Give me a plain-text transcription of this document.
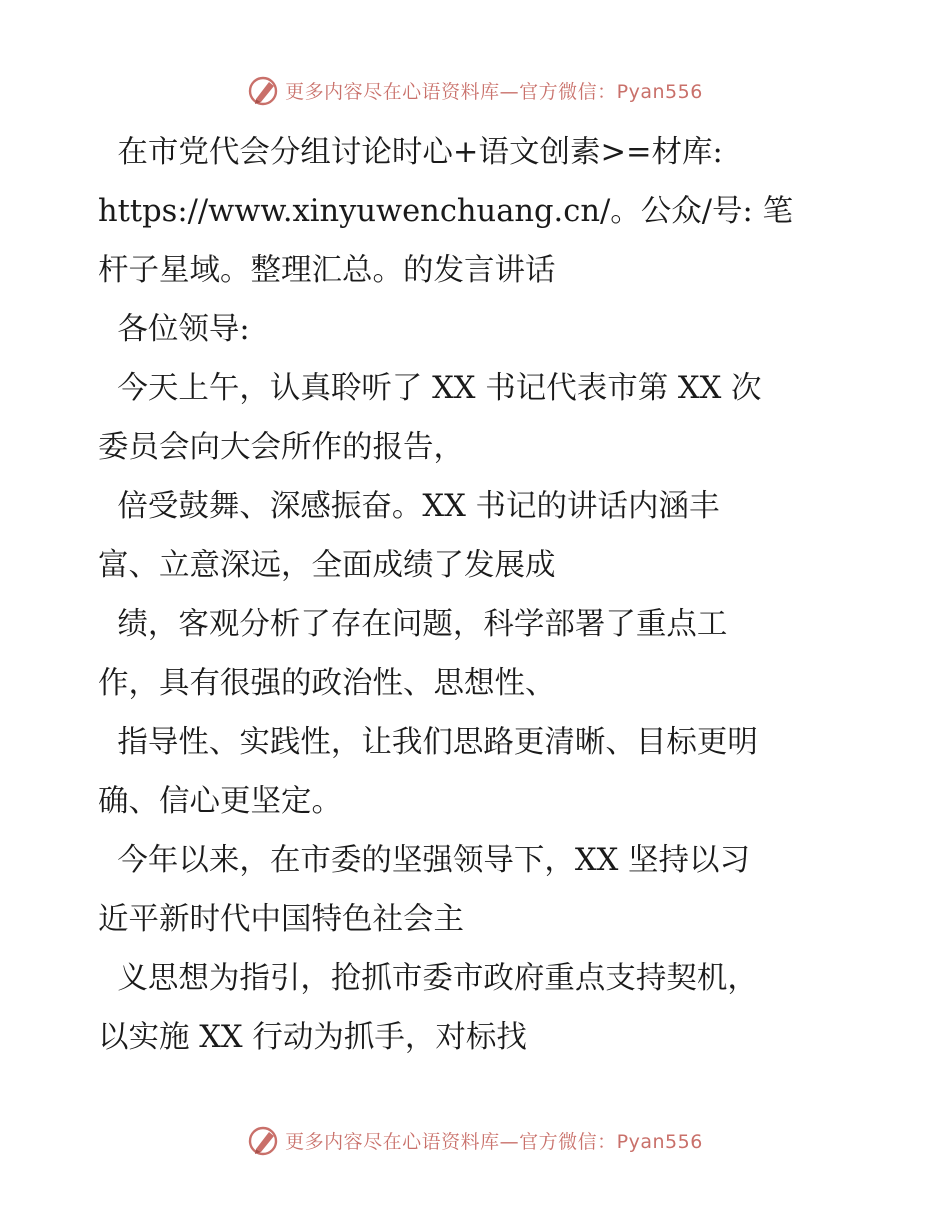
更多内容尽在心语资料库—官方微信：Pyan556
在市党代会分组讨论时心+语文创素>=材库:
https://www.xinyuwenchuang.cn/。公众/号: 笔
杆子星域。整理汇总。的发言讲话
各位领导:
今天上午，认真聆听了 XX 书记代表市第 XX 次
委员会向大会所作的报告，
倍受鼓舞、深感振奋。XX 书记的讲话内涵丰
富、立意深远，全面成绩了发展成
绩，客观分析了存在问题，科学部署了重点工
作，具有很强的政治性、思想性、
指导性、实践性，让我们思路更清晰、目标更明
确、信心更坚定。
今年以来，在市委的坚强领导下，XX 坚持以习
近平新时代中国特色社会主
义思想为指引，抢抓市委市政府重点支持契机，
以实施 XX 行动为抓手，对标找
更多内容尽在心语资料库—官方微信：Pyan556
